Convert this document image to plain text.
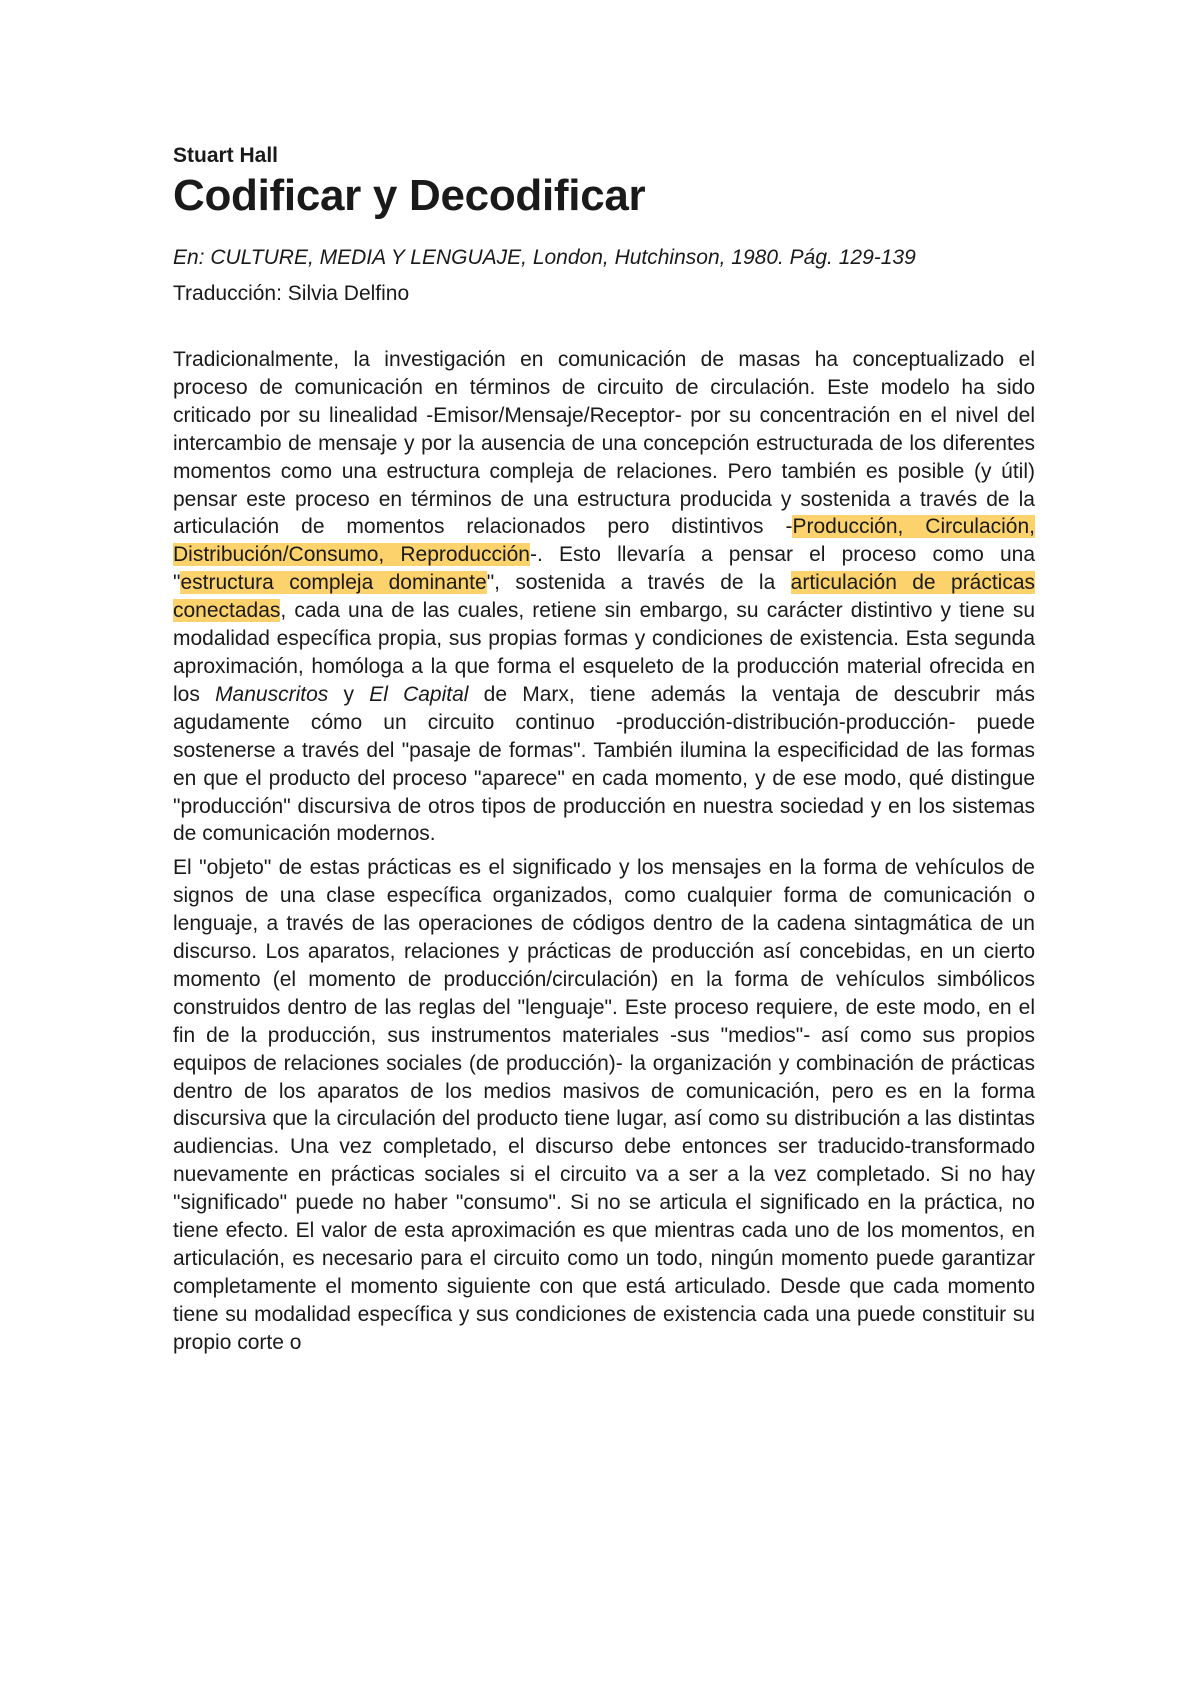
Stuart Hall

Codificar y Decodificar

En: CULTURE, MEDIA Y LENGUAJE, London, Hutchinson, 1980. Pág. 129-139

Traducción: Silvia Delfino

Tradicionalmente, la investigación en comunicación de masas ha conceptualizado el proceso de comunicación en términos de circuito de circulación. Este modelo ha sido criticado por su linealidad -Emisor/Mensaje/Receptor- por su concentración en el nivel del intercambio de mensaje y por la ausencia de una concepción estructurada de los diferentes momentos como una estructura compleja de relaciones. Pero también es posible (y útil) pensar este proceso en términos de una estructura producida y sostenida a través de la articulación de momentos relacionados pero distintivos -Producción, Circulación, Distribución/Consumo, Reproducción-. Esto llevaría a pensar el proceso como una "estructura compleja dominante", sostenida a través de la articulación de prácticas conectadas, cada una de las cuales, retiene sin embargo, su carácter distintivo y tiene su modalidad específica propia, sus propias formas y condiciones de existencia. Esta segunda aproximación, homóloga a la que forma el esqueleto de la producción material ofrecida en los Manuscritos y El Capital de Marx, tiene además la ventaja de descubrir más agudamente cómo un circuito continuo -producción-distribución-producción- puede sostenerse a través del "pasaje de formas". También ilumina la especificidad de las formas en que el producto del proceso "aparece" en cada momento, y de ese modo, qué distingue "producción" discursiva de otros tipos de producción en nuestra sociedad y en los sistemas de comunicación modernos.

El "objeto" de estas prácticas es el significado y los mensajes en la forma de vehículos de signos de una clase específica organizados, como cualquier forma de comunicación o lenguaje, a través de las operaciones de códigos dentro de la cadena sintagmática de un discurso. Los aparatos, relaciones y prácticas de producción así concebidas, en un cierto momento (el momento de producción/circulación) en la forma de vehículos simbólicos construidos dentro de las reglas del "lenguaje". Este proceso requiere, de este modo, en el fin de la producción, sus instrumentos materiales -sus "medios"- así como sus propios equipos de relaciones sociales (de producción)- la organización y combinación de prácticas dentro de los aparatos de los medios masivos de comunicación, pero es en la forma discursiva que la circulación del producto tiene lugar, así como su distribución a las distintas audiencias. Una vez completado, el discurso debe entonces ser traducido-transformado nuevamente en prácticas sociales si el circuito va a ser a la vez completado. Si no hay "significado" puede no haber "consumo". Si no se articula el significado en la práctica, no tiene efecto. El valor de esta aproximación es que mientras cada uno de los momentos, en articulación, es necesario para el circuito como un todo, ningún momento puede garantizar completamente el momento siguiente con que está articulado. Desde que cada momento tiene su modalidad específica y sus condiciones de existencia cada una puede constituir su propio corte o
